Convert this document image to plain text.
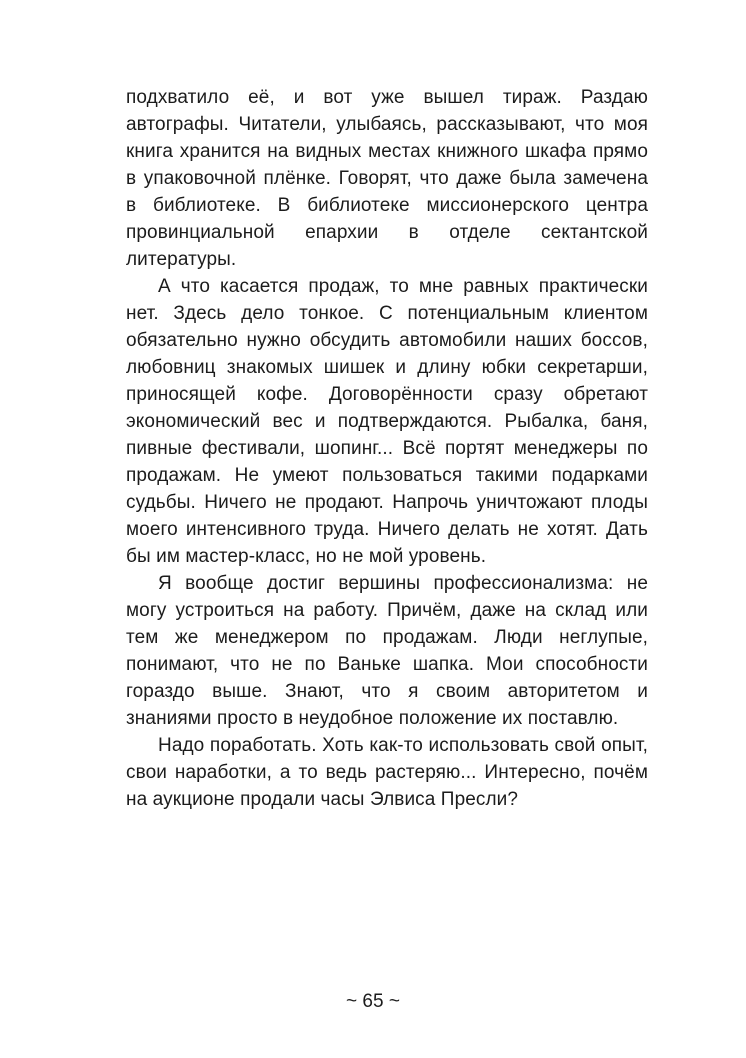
подхватило её, и вот уже вышел тираж. Раздаю автографы. Читатели, улыбаясь, рассказывают, что моя книга хранится на видных местах книжного шкафа прямо в упаковочной плёнке. Говорят, что даже была замечена в библиотеке. В библиотеке миссионерского центра провинциальной епархии в отделе сектантской литературы.

А что касается продаж, то мне равных практически нет. Здесь дело тонкое. С потенциальным клиентом обязательно нужно обсудить автомобили наших боссов, любовниц знакомых шишек и длину юбки секретарши, приносящей кофе. Договорённости сразу обретают экономический вес и подтверждаются. Рыбалка, баня, пивные фестивали, шопинг... Всё портят менеджеры по продажам. Не умеют пользоваться такими подарками судьбы. Ничего не продают. Напрочь уничтожают плоды моего интенсивного труда. Ничего делать не хотят. Дать бы им мастер-класс, но не мой уровень.

Я вообще достиг вершины профессионализма: не могу устроиться на работу. Причём, даже на склад или тем же менеджером по продажам. Люди неглупые, понимают, что не по Ваньке шапка. Мои способности гораздо выше. Знают, что я своим авторитетом и знаниями просто в неудобное положение их поставлю.

Надо поработать. Хоть как-то использовать свой опыт, свои наработки, а то ведь растеряю... Интересно, почём на аукционе продали часы Элвиса Пресли?

~ 65 ~
